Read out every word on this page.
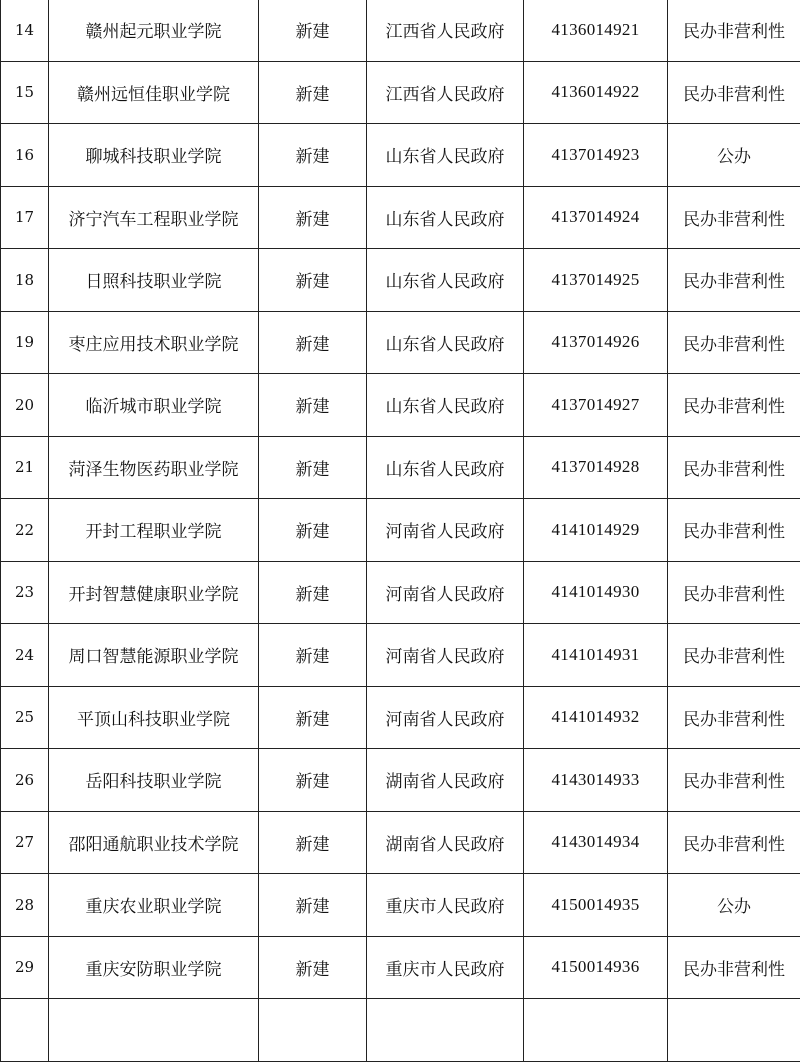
14	赣州起元职业学院	新建	江西省人民政府	4136014921	民办非营利性
15	赣州远恒佳职业学院	新建	江西省人民政府	4136014922	民办非营利性
16	聊城科技职业学院	新建	山东省人民政府	4137014923	公办
17	济宁汽车工程职业学院	新建	山东省人民政府	4137014924	民办非营利性
18	日照科技职业学院	新建	山东省人民政府	4137014925	民办非营利性
19	枣庄应用技术职业学院	新建	山东省人民政府	4137014926	民办非营利性
20	临沂城市职业学院	新建	山东省人民政府	4137014927	民办非营利性
21	菏泽生物医药职业学院	新建	山东省人民政府	4137014928	民办非营利性
22	开封工程职业学院	新建	河南省人民政府	4141014929	民办非营利性
23	开封智慧健康职业学院	新建	河南省人民政府	4141014930	民办非营利性
24	周口智慧能源职业学院	新建	河南省人民政府	4141014931	民办非营利性
25	平顶山科技职业学院	新建	河南省人民政府	4141014932	民办非营利性
26	岳阳科技职业学院	新建	湖南省人民政府	4143014933	民办非营利性
27	邵阳通航职业技术学院	新建	湖南省人民政府	4143014934	民办非营利性
28	重庆农业职业学院	新建	重庆市人民政府	4150014935	公办
29	重庆安防职业学院	新建	重庆市人民政府	4150014936	民办非营利性
